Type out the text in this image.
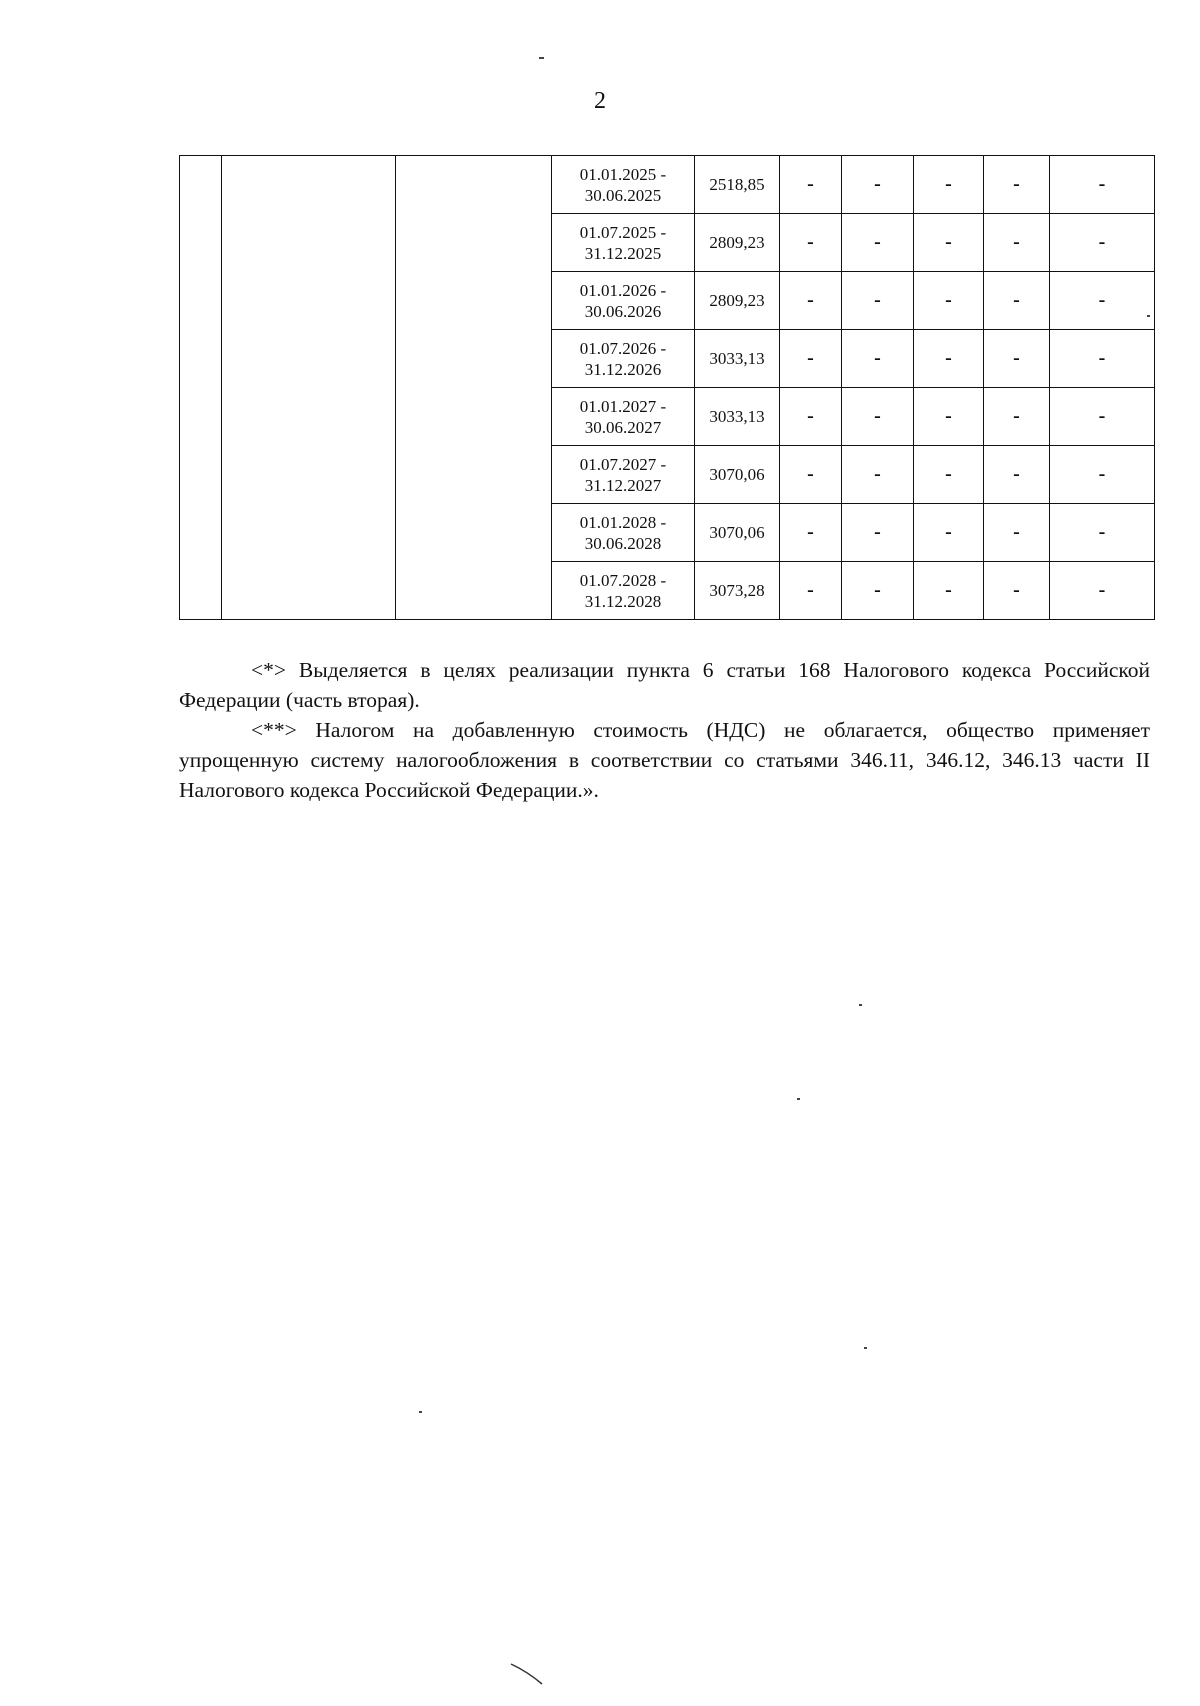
2

			01.01.2025 -
30.06.2025	2518,85	-	-	-	-	-

			01.07.2025 -
31.12.2025	2809,23	-	-	-	-	-

			01.01.2026 -
30.06.2026	2809,23	-	-	-	-	-

			01.07.2026 -
31.12.2026	3033,13	-	-	-	-	-

			01.01.2027 -
30.06.2027	3033,13	-	-	-	-	-

			01.07.2027 -
31.12.2027	3070,06	-	-	-	-	-

			01.01.2028 -
30.06.2028	3070,06	-	-	-	-	-

			01.07.2028 -
31.12.2028	3073,28	-	-	-	-	-

<*> Выделяется в целях реализации пункта 6 статьи 168 Налогового кодекса Российской Федерации (часть вторая).

<**> Налогом на добавленную стоимость (НДС) не облагается, общество применяет упрощенную систему налогообложения в соответствии со статьями 346.11, 346.12, 346.13 части II Налогового кодекса Российской Федерации.».
